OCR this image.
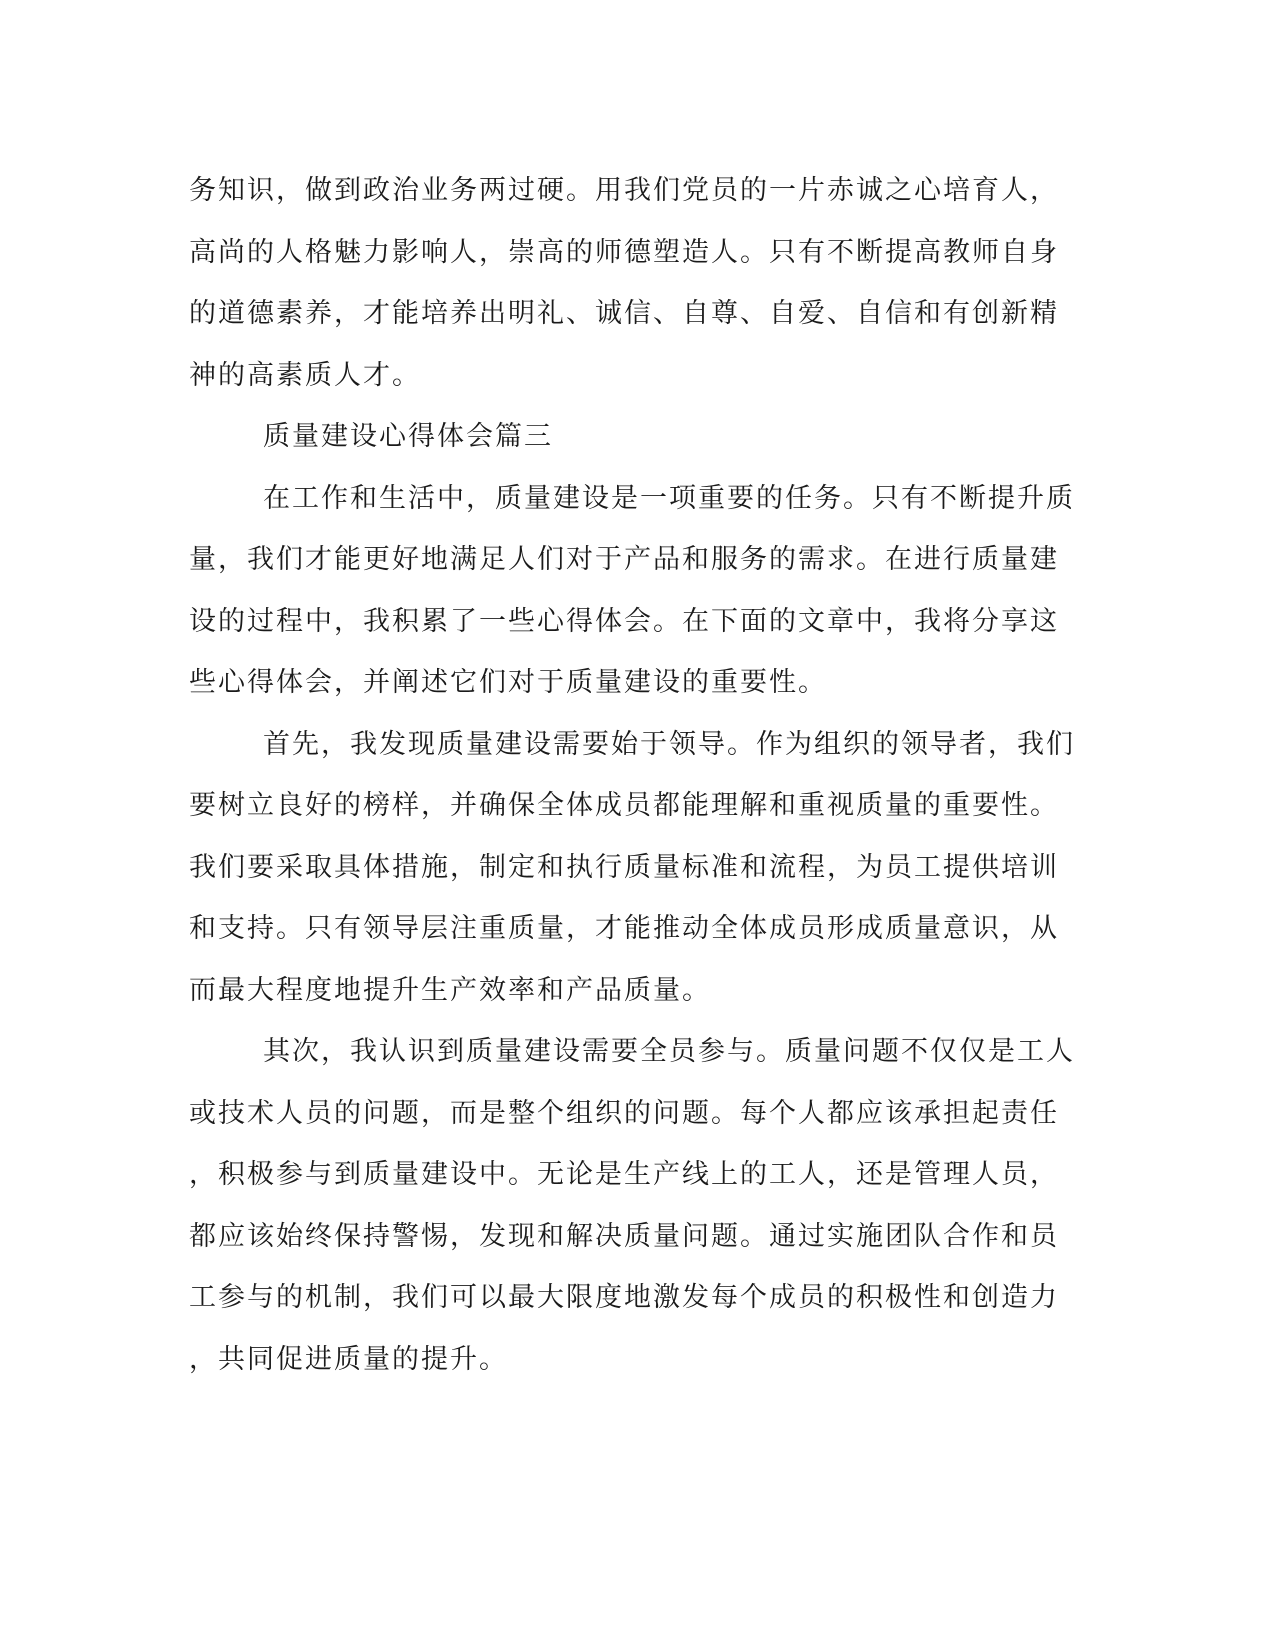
务知识，做到政治业务两过硬。用我们党员的一片赤诚之心培育人，
高尚的人格魅力影响人，崇高的师德塑造人。只有不断提高教师自身
的道德素养，才能培养出明礼、诚信、自尊、自爱、自信和有创新精
神的高素质人才。
质量建设心得体会篇三
在工作和生活中，质量建设是一项重要的任务。只有不断提升质
量，我们才能更好地满足人们对于产品和服务的需求。在进行质量建
设的过程中，我积累了一些心得体会。在下面的文章中，我将分享这
些心得体会，并阐述它们对于质量建设的重要性。
首先，我发现质量建设需要始于领导。作为组织的领导者，我们
要树立良好的榜样，并确保全体成员都能理解和重视质量的重要性。
我们要采取具体措施，制定和执行质量标准和流程，为员工提供培训
和支持。只有领导层注重质量，才能推动全体成员形成质量意识，从
而最大程度地提升生产效率和产品质量。
其次，我认识到质量建设需要全员参与。质量问题不仅仅是工人
或技术人员的问题，而是整个组织的问题。每个人都应该承担起责任
，积极参与到质量建设中。无论是生产线上的工人，还是管理人员，
都应该始终保持警惕，发现和解决质量问题。通过实施团队合作和员
工参与的机制，我们可以最大限度地激发每个成员的积极性和创造力
，共同促进质量的提升。
